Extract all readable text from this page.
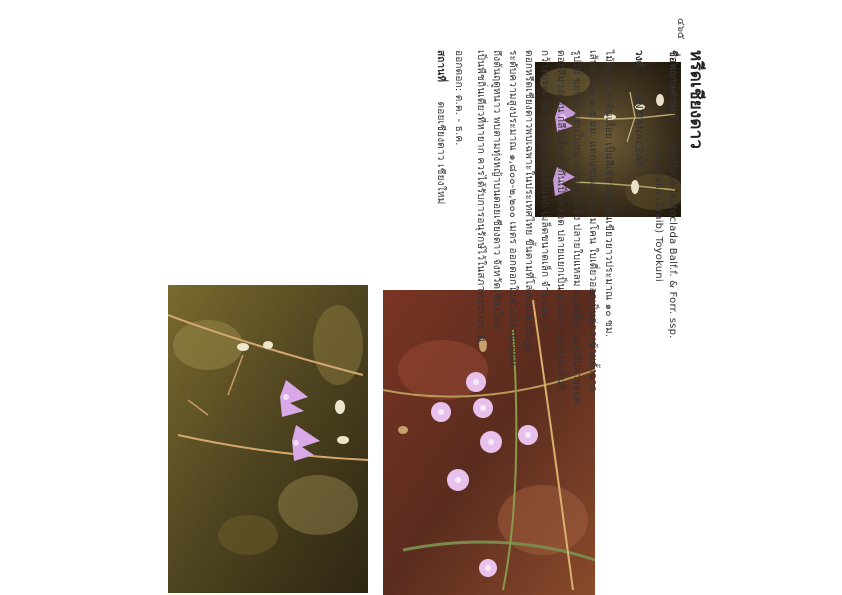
๔๖๕
หรีดเชียงดาว
ชื่อพฤกษศาสตร์ Gentiana leptoclada Balf.f. & Forr. ssp.
australis (Craib) Toyokuni
วงศ์ GENTIANACEAE
ไม้ล้มลุก ลำต้นเลื้อย เป็นสีเขียวแดงปนเขียวยาวประมาณ ๑๐ ซม.
เส้นผ่าน ๑-๑.๕ มม. แตกแขนงมากตามโคน ใบเดี่ยวออกเป็นคู่ตรงข้ามตั้งฉาก
รูปไข่ ขอบใบ แผ่นใบหนาค่อนข้างแข็ง ปลายใบแหลม ดอกเดี่ยว ออกที่ปลายยอด
ดอกสีม่วงอ่อน กลีบเลี้ยงติดกันเป็นหลอด ปลายแยกเป็น ๔ แฉก ดอกบานเต็มที่
กว้างประมาณ ๑-๒ ซม. ผลแห้งแตก เมล็ดขนาดเล็ก จำนวนมาก
ดอกหรีดเชียงดาวพบเฉพาะในประเทศไทย ขึ้นตามที่โล่งบนเขาหินปูน
ระดับความสูงประมาณ ๑,๘๐๐-๒,๒๐๐ เมตร ออกดอกในช่วงปลายฤดูฝน
ถึงต้นฤดูหนาว พบตามทุ่งหญ้าบนดอยเชียงดาว จังหวัดเชียงใหม่
เป็นพืชถิ่นเดียวที่หายาก ควรได้รับการอนุรักษ์ไว้ในสภาพธรรมชาติ
ออกดอก: ต.ค. - ธ.ค.
สถานที่ ดอยเชียงดาว เชียงใหม่
